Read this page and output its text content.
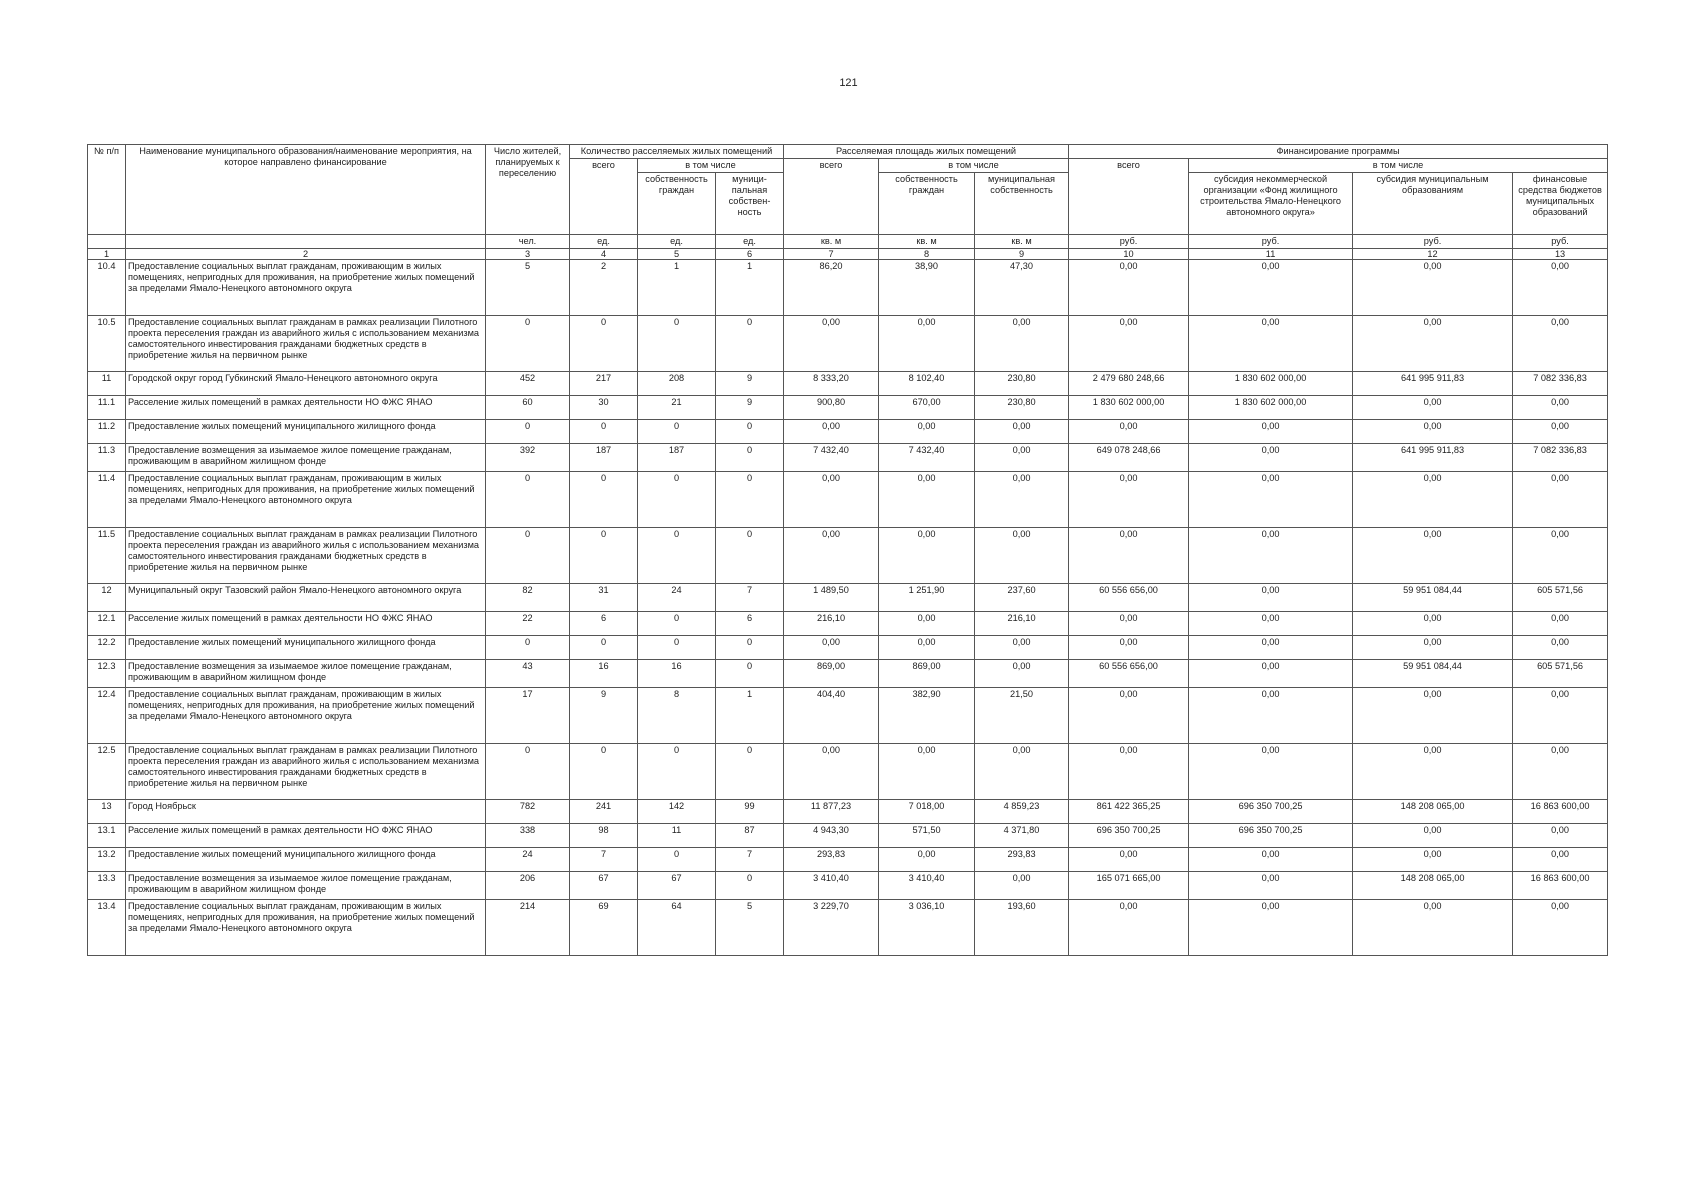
121
№ п/п	Наименование муниципального образования/наименование мероприятия, на которое направлено финансирование	Число жителей, планируемых к переселению	Количество расселяемых жилых помещений			Расселяемая площадь жилых помещений			Финансирование программы			
			всего	в том числе		всего	в том числе		всего	в том числе		
				собственность граждан	муници-пальная собствен-ность		собственность граждан	муниципальная собственность		субсидия некоммерческой организации «Фонд жилищного строительства Ямало-Ненецкого автономного округа»	субсидия муниципальным образованиям	финансовые средства бюджетов муниципальных образований
		чел.	ед.	ед.	ед.	кв. м	кв. м	кв. м	руб.	руб.	руб.	руб.
1	2	3	4	5	6	7	8	9	10	11	12	13
10.4	Предоставление социальных выплат гражданам, проживающим в жилых помещениях, непригодных для проживания, на приобретение жилых помещений за пределами Ямало-Ненецкого автономного округа	5	2	1	1	86,20	38,90	47,30	0,00	0,00	0,00	0,00
10.5	Предоставление социальных выплат гражданам в рамках реализации Пилотного проекта переселения граждан из аварийного жилья с использованием механизма самостоятельного инвестирования гражданами бюджетных средств в приобретение жилья на первичном рынке	0	0	0	0	0,00	0,00	0,00	0,00	0,00	0,00	0,00
11	Городской округ город Губкинский Ямало-Ненецкого автономного округа	452	217	208	9	8 333,20	8 102,40	230,80	2 479 680 248,66	1 830 602 000,00	641 995 911,83	7 082 336,83
11.1	Расселение жилых помещений в рамках деятельности НО ФЖС ЯНАО	60	30	21	9	900,80	670,00	230,80	1 830 602 000,00	1 830 602 000,00	0,00	0,00
11.2	Предоставление жилых помещений муниципального жилищного фонда	0	0	0	0	0,00	0,00	0,00	0,00	0,00	0,00	0,00
11.3	Предоставление возмещения за изымаемое жилое помещение гражданам, проживающим в аварийном жилищном фонде	392	187	187	0	7 432,40	7 432,40	0,00	649 078 248,66	0,00	641 995 911,83	7 082 336,83
11.4	Предоставление социальных выплат гражданам, проживающим в жилых помещениях, непригодных для проживания, на приобретение жилых помещений за пределами Ямало-Ненецкого автономного округа	0	0	0	0	0,00	0,00	0,00	0,00	0,00	0,00	0,00
11.5	Предоставление социальных выплат гражданам в рамках реализации Пилотного проекта переселения граждан из аварийного жилья с использованием механизма самостоятельного инвестирования гражданами бюджетных средств в приобретение жилья на первичном рынке	0	0	0	0	0,00	0,00	0,00	0,00	0,00	0,00	0,00
12	Муниципальный округ Тазовский район Ямало-Ненецкого автономного округа	82	31	24	7	1 489,50	1 251,90	237,60	60 556 656,00	0,00	59 951 084,44	605 571,56
12.1	Расселение жилых помещений в рамках деятельности НО ФЖС ЯНАО	22	6	0	6	216,10	0,00	216,10	0,00	0,00	0,00	0,00
12.2	Предоставление жилых помещений муниципального жилищного фонда	0	0	0	0	0,00	0,00	0,00	0,00	0,00	0,00	0,00
12.3	Предоставление возмещения за изымаемое жилое помещение гражданам, проживающим в аварийном жилищном фонде	43	16	16	0	869,00	869,00	0,00	60 556 656,00	0,00	59 951 084,44	605 571,56
12.4	Предоставление социальных выплат гражданам, проживающим в жилых помещениях, непригодных для проживания, на приобретение жилых помещений за пределами Ямало-Ненецкого автономного округа	17	9	8	1	404,40	382,90	21,50	0,00	0,00	0,00	0,00
12.5	Предоставление социальных выплат гражданам в рамках реализации Пилотного проекта переселения граждан из аварийного жилья с использованием механизма самостоятельного инвестирования гражданами бюджетных средств в приобретение жилья на первичном рынке	0	0	0	0	0,00	0,00	0,00	0,00	0,00	0,00	0,00
13	Город Ноябрьск	782	241	142	99	11 877,23	7 018,00	4 859,23	861 422 365,25	696 350 700,25	148 208 065,00	16 863 600,00
13.1	Расселение жилых помещений в рамках деятельности НО ФЖС ЯНАО	338	98	11	87	4 943,30	571,50	4 371,80	696 350 700,25	696 350 700,25	0,00	0,00
13.2	Предоставление жилых помещений муниципального жилищного фонда	24	7	0	7	293,83	0,00	293,83	0,00	0,00	0,00	0,00
13.3	Предоставление возмещения за изымаемое жилое помещение гражданам, проживающим в аварийном жилищном фонде	206	67	67	0	3 410,40	3 410,40	0,00	165 071 665,00	0,00	148 208 065,00	16 863 600,00
13.4	Предоставление социальных выплат гражданам, проживающим в жилых помещениях, непригодных для проживания, на приобретение жилых помещений за пределами Ямало-Ненецкого автономного округа	214	69	64	5	3 229,70	3 036,10	193,60	0,00	0,00	0,00	0,00
